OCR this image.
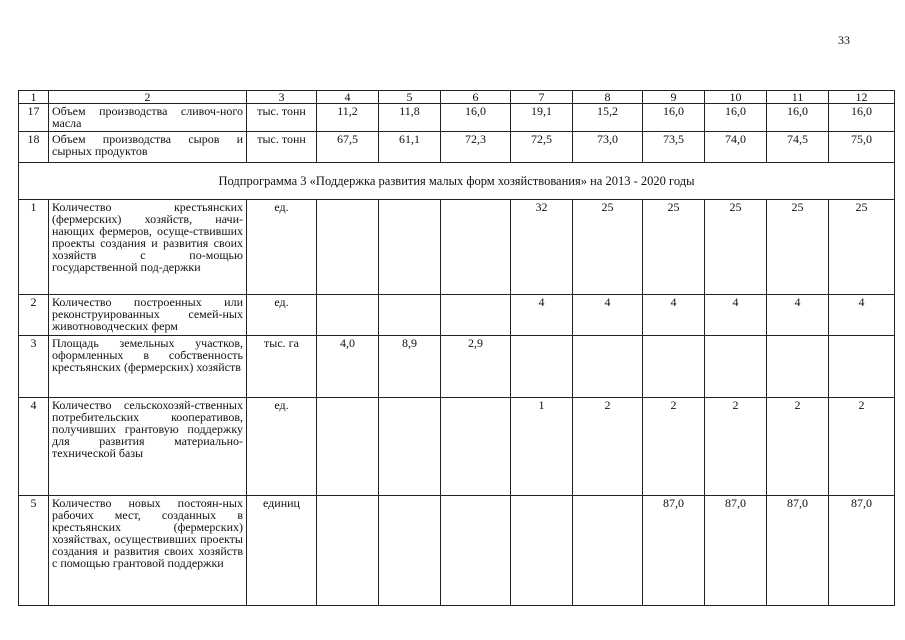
33
1	2	3	4	5	6	7	8	9	10	11	12
17	Объем производства сливоч-ного масла	тыс. тонн	11,2	11,8	16,0	19,1	15,2	16,0	16,0	16,0	16,0
18	Объем производства сыров и сырных продуктов	тыс. тонн	67,5	61,1	72,3	72,5	73,0	73,5	74,0	74,5	75,0
Подпрограмма 3 «Поддержка развития малых форм хозяйствования» на 2013 - 2020 годы											
1	Количество крестьянских (фермерских) хозяйств, начи-нающих фермеров, осуще-ствивших проекты создания и развития своих хозяйств с по-мощью государственной под-держки	ед.				32	25	25	25	25	25
2	Количество построенных или реконструированных семей-ных животноводческих ферм	ед.				4	4	4	4	4	4
3	Площадь земельных участков, оформленных в собственность крестьянских (фермерских) хозяйств	тыс. га	4,0	8,9	2,9						
4	Количество сельскохозяй-ственных потребительских кооперативов, получивших грантовую поддержку для развития материально-технической базы	ед.				1	2	2	2	2	2
5	Количество новых постоян-ных рабочих мест, созданных в крестьянских (фермерских) хозяйствах, осуществивших проекты создания и развития своих хозяйств с помощью грантовой поддержки	единиц						87,0	87,0	87,0	87,0
